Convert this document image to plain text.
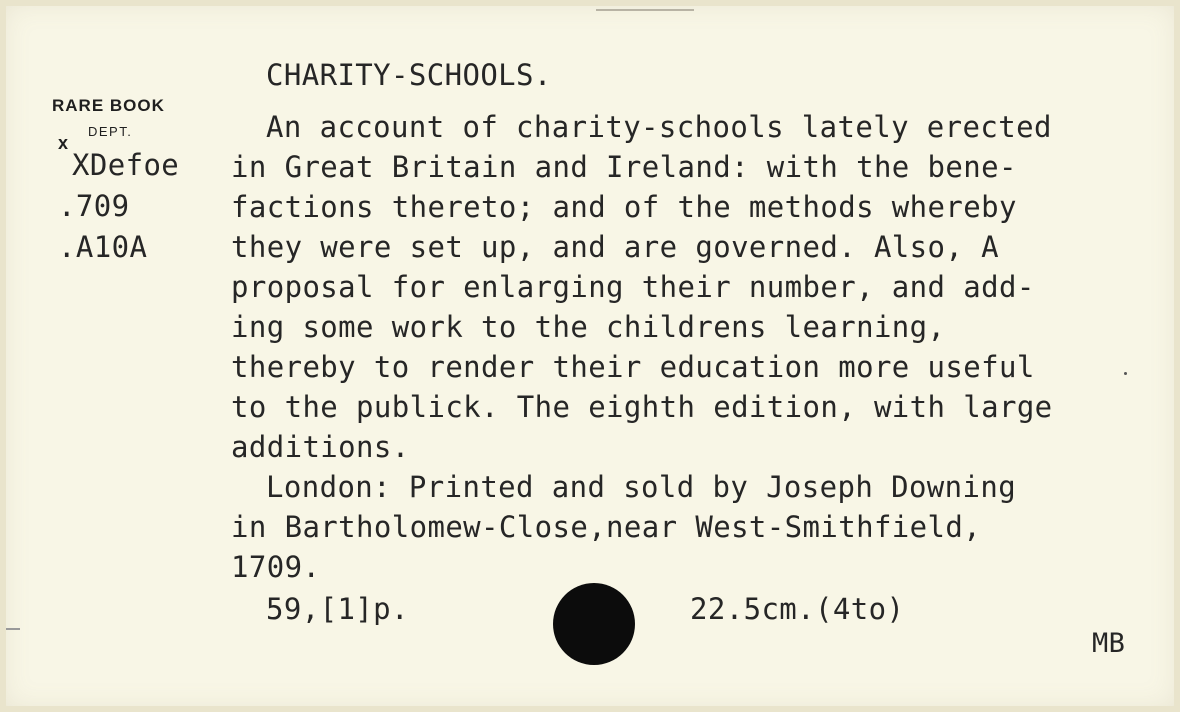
RARE BOOK
DEPT.
x
XDefoe
.709
.A10A
CHARITY-SCHOOLS.
An account of charity-schools lately erected
in Great Britain and Ireland: with the bene-
factions thereto; and of the methods whereby
they were set up, and are governed. Also, A
proposal for enlarging their number, and add-
ing some work to the childrens learning,
thereby to render their education more useful
to the publick. The eighth edition, with large
additions.
London: Printed and sold by Joseph Downing
in Bartholomew-Close,near West-Smithfield,
1709.
59,[1]p.	22.5cm.(4to)
MB
